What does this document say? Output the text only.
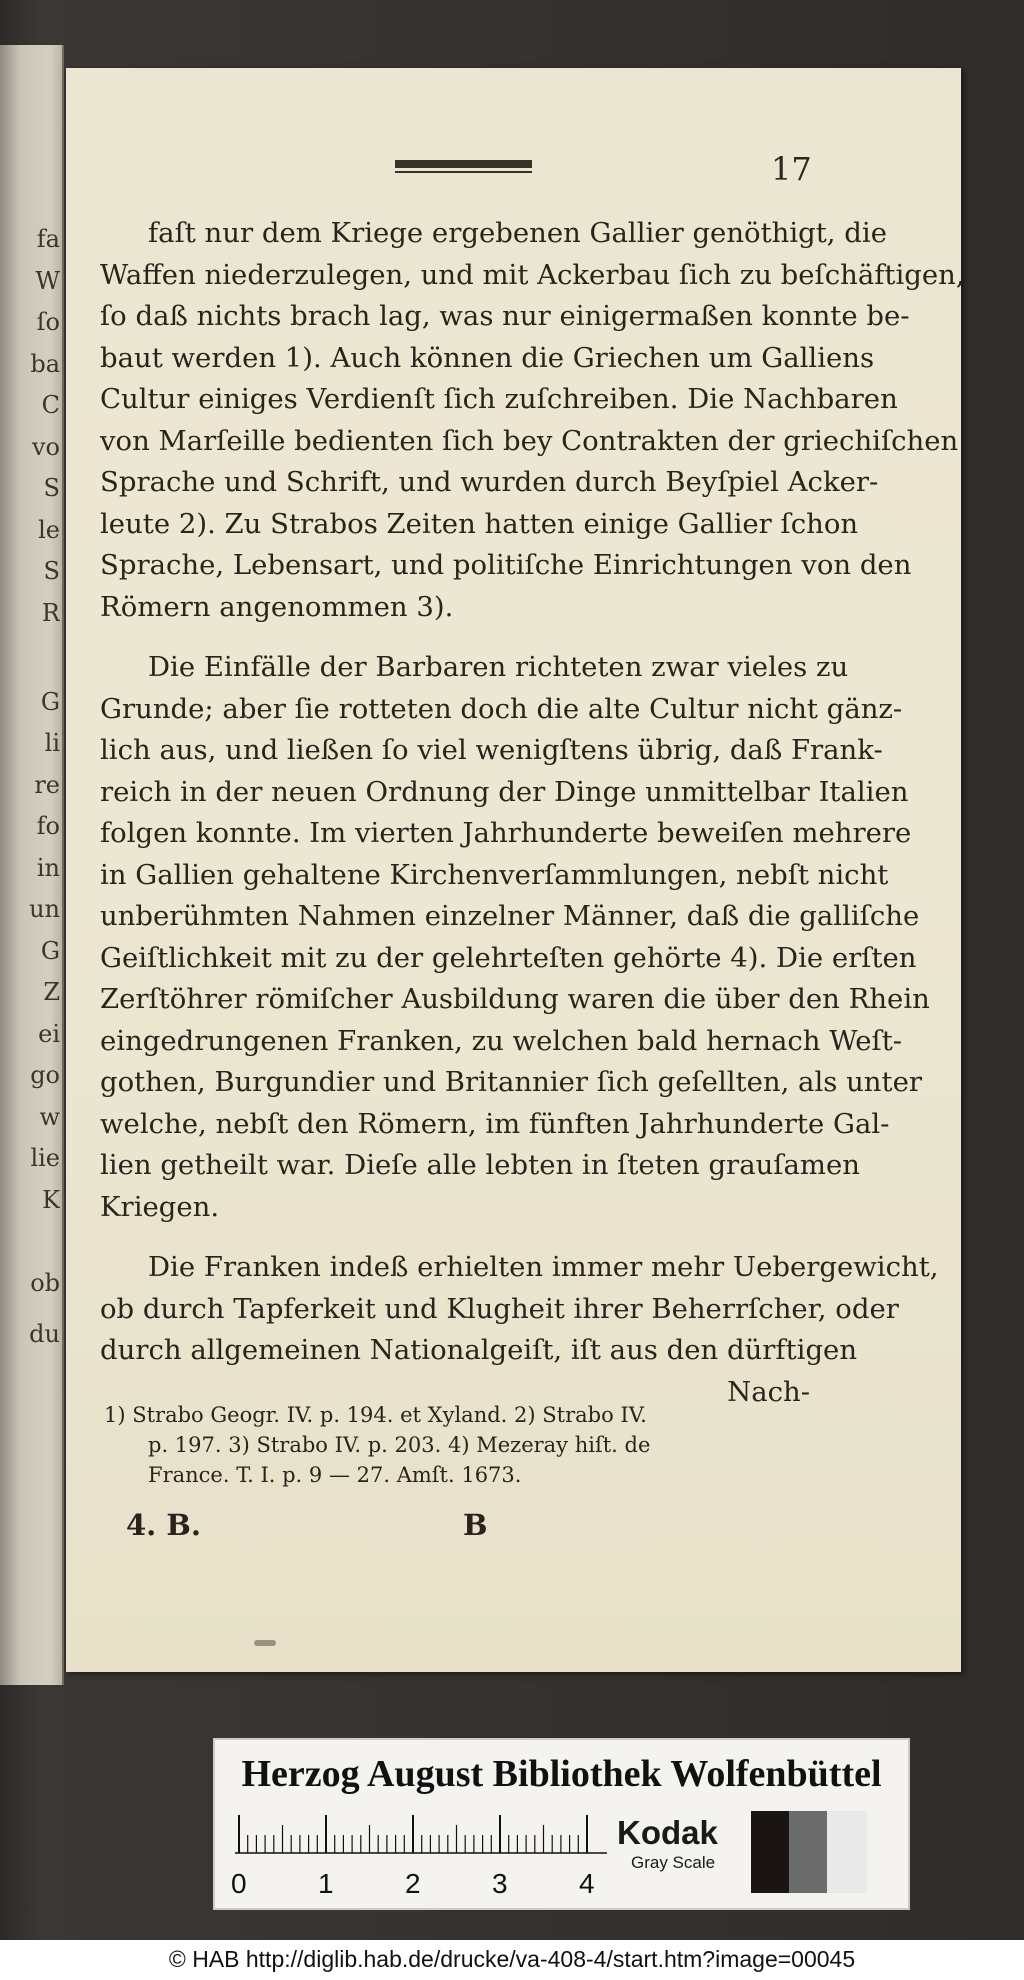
fa
W
ſo
ba
C
vo
S
le
S
R
G
li
re
fo
in
un
G
Z
ei
go
w
lie
K
ob
du
17
faſt nur dem Kriege ergebenen Gallier genöthigt, die
Waffen niederzulegen, und mit Ackerbau ſich zu beſchäftigen,
ſo daß nichts brach lag, was nur einigermaßen konnte be-
baut werden 1). Auch können die Griechen um Galliens
Cultur einiges Verdienſt ſich zuſchreiben. Die Nachbaren
von Marſeille bedienten ſich bey Contrakten der griechiſchen
Sprache und Schrift, und wurden durch Beyſpiel Acker-
leute 2). Zu Strabos Zeiten hatten einige Gallier ſchon
Sprache, Lebensart, und politiſche Einrichtungen von den
Römern angenommen 3).
Die Einfälle der Barbaren richteten zwar vieles zu
Grunde; aber ſie rotteten doch die alte Cultur nicht gänz-
lich aus, und ließen ſo viel wenigſtens übrig, daß Frank-
reich in der neuen Ordnung der Dinge unmittelbar Italien
folgen konnte. Im vierten Jahrhunderte beweiſen mehrere
in Gallien gehaltene Kirchenverſammlungen, nebſt nicht
unberühmten Nahmen einzelner Männer, daß die galliſche
Geiſtlichkeit mit zu der gelehrteſten gehörte 4). Die erſten
Zerſtöhrer römiſcher Ausbildung waren die über den Rhein
eingedrungenen Franken, zu welchen bald hernach Weſt-
gothen, Burgundier und Britannier ſich geſellten, als unter
welche, nebſt den Römern, im fünften Jahrhunderte Gal-
lien getheilt war. Dieſe alle lebten in ſteten grauſamen
Kriegen.
Die Franken indeß erhielten immer mehr Uebergewicht,
ob durch Tapferkeit und Klugheit ihrer Beherrſcher, oder
durch allgemeinen Nationalgeiſt, iſt aus den dürftigen
Nach-
1) Strabo Geogr. IV. p. 194. et Xyland. 2) Strabo IV.
p. 197. 3) Strabo IV. p. 203. 4) Mezeray hiſt. de
France. T. I. p. 9 — 27. Amſt. 1673.
4. B.	B
Herzog August Bibliothek Wolfenbüttel
0	1	2	3	4
Kodak
Gray Scale
© HAB http://diglib.hab.de/drucke/va-408-4/start.htm?image=00045
